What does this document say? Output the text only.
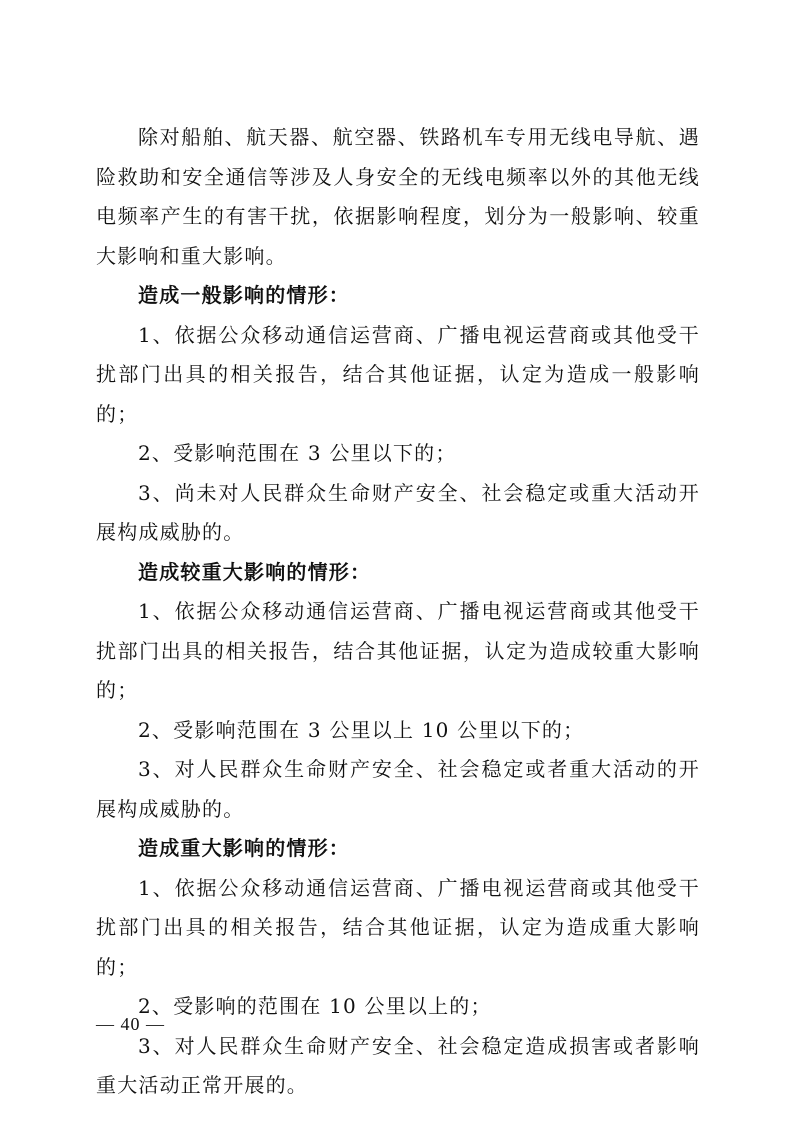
除对船舶、航天器、航空器、铁路机车专用无线电导航、遇险救助和安全通信等涉及人身安全的无线电频率以外的其他无线电频率产生的有害干扰，依据影响程度，划分为一般影响、较重大影响和重大影响。

造成一般影响的情形：

1、依据公众移动通信运营商、广播电视运营商或其他受干扰部门出具的相关报告，结合其他证据，认定为造成一般影响的；

2、受影响范围在 3 公里以下的；

3、尚未对人民群众生命财产安全、社会稳定或重大活动开展构成威胁的。

造成较重大影响的情形：

1、依据公众移动通信运营商、广播电视运营商或其他受干扰部门出具的相关报告，结合其他证据，认定为造成较重大影响的；

2、受影响范围在 3 公里以上 10 公里以下的；

3、对人民群众生命财产安全、社会稳定或者重大活动的开展构成威胁的。

造成重大影响的情形：

1、依据公众移动通信运营商、广播电视运营商或其他受干扰部门出具的相关报告，结合其他证据，认定为造成重大影响的；

2、受影响的范围在 10 公里以上的；

3、对人民群众生命财产安全、社会稳定造成损害或者影响重大活动正常开展的。

— 40 —
